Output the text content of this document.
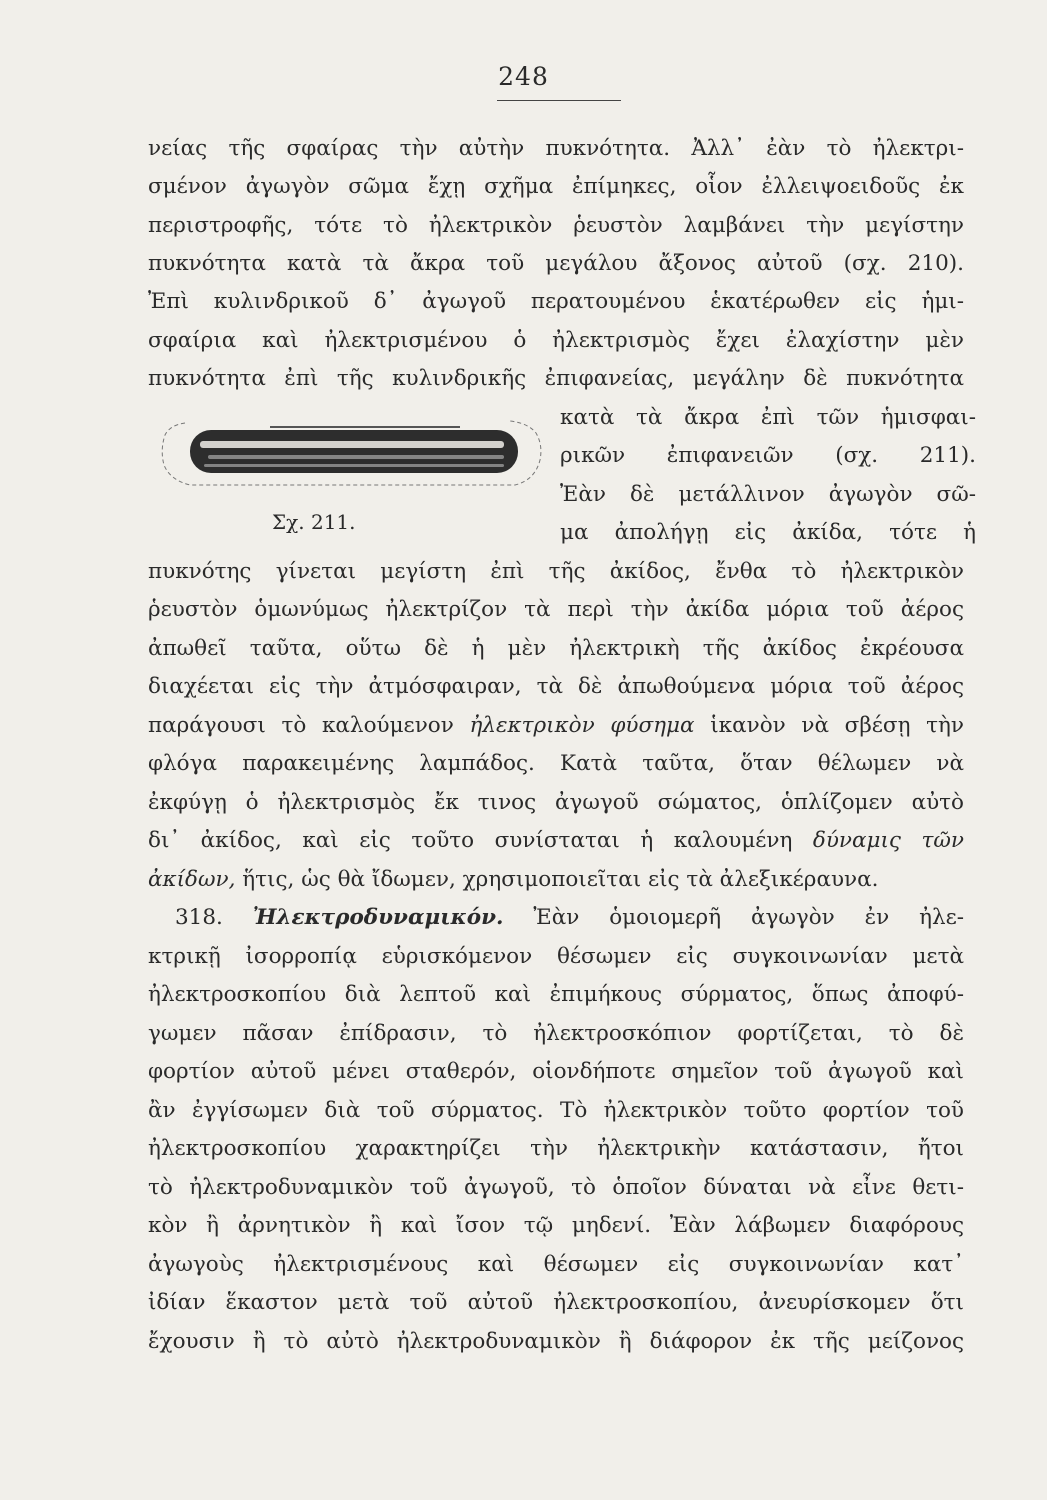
248
νείας τῆς σφαίρας τὴν αὐτὴν πυκνότητα. Ἀλλ᾽ ἐὰν τὸ ἠλεκτρι-
σμένον ἀγωγὸν σῶμα ἔχῃ σχῆμα ἐπίμηκες, οἷον ἐλλειψοειδοῦς ἐκ
περιστροφῆς, τότε τὸ ἠλεκτρικὸν ῥευστὸν λαμβάνει τὴν μεγίστην
πυκνότητα κατὰ τὰ ἄκρα τοῦ μεγάλου ἄξονος αὐτοῦ (σχ. 210).
Ἐπὶ κυλινδρικοῦ δ᾽ ἀγωγοῦ περατουμένου ἑκατέρωθεν εἰς ἡμι-
σφαίρια καὶ ἠλεκτρισμένου ὁ ἠλεκτρισμὸς ἔχει ἐλαχίστην μὲν
πυκνότητα ἐπὶ τῆς κυλινδρικῆς ἐπιφανείας, μεγάλην δὲ πυκνότητα
κατὰ τὰ ἄκρα ἐπὶ τῶν ἡμισφαι-
ρικῶν ἐπιφανειῶν (σχ. 211).
Ἐὰν δὲ μετάλλινον ἀγωγὸν σῶ-
μα ἀπολήγῃ εἰς ἀκίδα, τότε ἡ
Σχ. 211.
πυκνότης γίνεται μεγίστη ἐπὶ τῆς ἀκίδος, ἔνθα τὸ ἠλεκτρικὸν
ῥευστὸν ὁμωνύμως ἠλεκτρίζον τὰ περὶ τὴν ἀκίδα μόρια τοῦ ἀέρος
ἀπωθεῖ ταῦτα, οὕτω δὲ ἡ μὲν ἠλεκτρικὴ τῆς ἀκίδος ἐκρέουσα
διαχέεται εἰς τὴν ἀτμόσφαιραν, τὰ δὲ ἀπωθούμενα μόρια τοῦ ἀέρος
παράγουσι τὸ καλούμενον ἠλεκτρικὸν φύσημα ἱκανὸν νὰ σβέσῃ τὴν
φλόγα παρακειμένης λαμπάδος. Κατὰ ταῦτα, ὅταν θέλωμεν νὰ
ἐκφύγῃ ὁ ἠλεκτρισμὸς ἔκ τινος ἀγωγοῦ σώματος, ὁπλίζομεν αὐτὸ
δι᾽ ἀκίδος, καὶ εἰς τοῦτο συνίσταται ἡ καλουμένη δύναμις τῶν
ἀκίδων, ἥτις, ὡς θὰ ἴδωμεν, χρησιμοποιεῖται εἰς τὰ ἀλεξικέραυνα.
318. Ἠλεκτροδυναμικόν. Ἐὰν ὁμοιομερῆ ἀγωγὸν ἐν ἠλε-
κτρικῇ ἰσορροπίᾳ εὑρισκόμενον θέσωμεν εἰς συγκοινωνίαν μετὰ
ἠλεκτροσκοπίου διὰ λεπτοῦ καὶ ἐπιμήκους σύρματος, ὅπως ἀποφύ-
γωμεν πᾶσαν ἐπίδρασιν, τὸ ἠλεκτροσκόπιον φορτίζεται, τὸ δὲ
φορτίον αὐτοῦ μένει σταθερόν, οἱονδήποτε σημεῖον τοῦ ἀγωγοῦ καὶ
ἂν ἐγγίσωμεν διὰ τοῦ σύρματος. Τὸ ἠλεκτρικὸν τοῦτο φορτίον τοῦ
ἠλεκτροσκοπίου χαρακτηρίζει τὴν ἠλεκτρικὴν κατάστασιν, ἤτοι
τὸ ἠλεκτροδυναμικὸν τοῦ ἀγωγοῦ, τὸ ὁποῖον δύναται νὰ εἶνε θετι-
κὸν ἢ ἀρνητικὸν ἢ καὶ ἴσον τῷ μηδενί. Ἐὰν λάβωμεν διαφόρους
ἀγωγοὺς ἠλεκτρισμένους καὶ θέσωμεν εἰς συγκοινωνίαν κατ᾽
ἰδίαν ἕκαστον μετὰ τοῦ αὐτοῦ ἠλεκτροσκοπίου, ἀνευρίσκομεν ὅτι
ἔχουσιν ἢ τὸ αὐτὸ ἠλεκτροδυναμικὸν ἢ διάφορον ἐκ τῆς μείζονος
